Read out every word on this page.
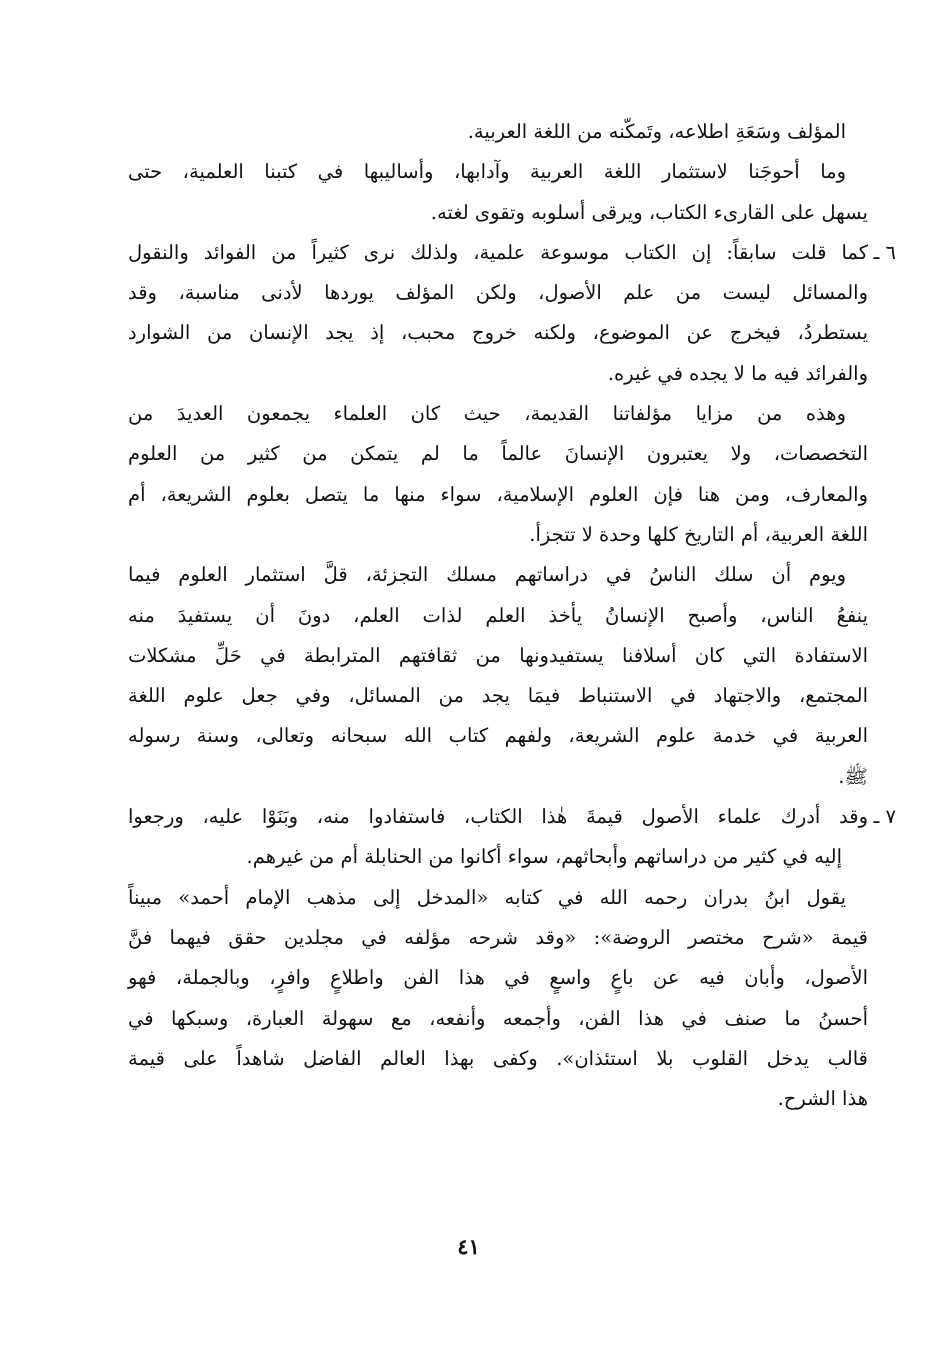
المؤلف وسَعَةِ اطلاعه، وتَمكّنه من اللغة العربية.
وما أحوجَنا لاستثمار اللغة العربية وآدابها، وأساليبها في كتبنا العلمية، حتى
يسهل على القارىء الكتاب، ويرقى أسلوبه وتقوى لغته.
٦ ـ
كما قلت سابقاً: إن الكتاب موسوعة علمية، ولذلك نرى كثيراً من الفوائد والنقول
والمسائل ليست من علم الأصول، ولكن المؤلف يوردها لأدنى مناسبة، وقد
يستطردُ، فيخرج عن الموضوع، ولكنه خروج محبب، إذ يجد الإنسان من الشوارد
والفرائد فيه ما لا يجده في غيره.
وهذه من مزايا مؤلفاتنا القديمة، حيث كان العلماء يجمعون العديدَ من
التخصصات، ولا يعتبرون الإنسانَ عالماً ما لم يتمكن من كثير من العلوم
والمعارف، ومن هنا فإن العلوم الإسلامية، سواء منها ما يتصل بعلوم الشريعة، أم
اللغة العربية، أم التاريخ كلها وحدة لا تتجزأ.
ويوم أن سلك الناسُ في دراساتهم مسلك التجزئة، قلَّ استثمار العلوم فيما
ينفعُ الناس، وأصبح الإنسانُ يأخذ العلم لذات العلم، دونَ أن يستفيدَ منه
الاستفادة التي كان أسلافنا يستفيدونها من ثقافتهم المترابطة في حَلِّ مشكلات
المجتمع، والاجتهاد في الاستنباط فيمَا يجد من المسائل، وفي جعل علوم اللغة
العربية في خدمة علوم الشريعة، ولفهم كتاب الله سبحانه وتعالى، وسنة رسوله
ﷺ.
٧ ـ
وقد أدرك علماء الأصول قيمةَ هٰذا الكتاب، فاستفادوا منه، وبَنَوْا عليه، ورجعوا
إليه في كثير من دراساتهم وأبحاثهم، سواء أكانوا من الحنابلة أم من غيرهم.
يقول ابنُ بدران رحمه الله في كتابه «المدخل إلى مذهب الإمام أحمد» مبيناً
قيمة «شرح مختصر الروضة»: «وقد شرحه مؤلفه في مجلدين حقق فيهما فنَّ
الأصول، وأبان فيه عن باعٍ واسعٍ في هذا الفن واطلاعٍ وافرٍ، وبالجملة، فهو
أحسنُ ما صنف في هذا الفن، وأجمعه وأنفعه، مع سهولة العبارة، وسبكها في
قالب يدخل القلوب بلا استئذان». وكفى بهذا العالم الفاضل شاهداً على قيمة
هذا الشرح.
٤١
